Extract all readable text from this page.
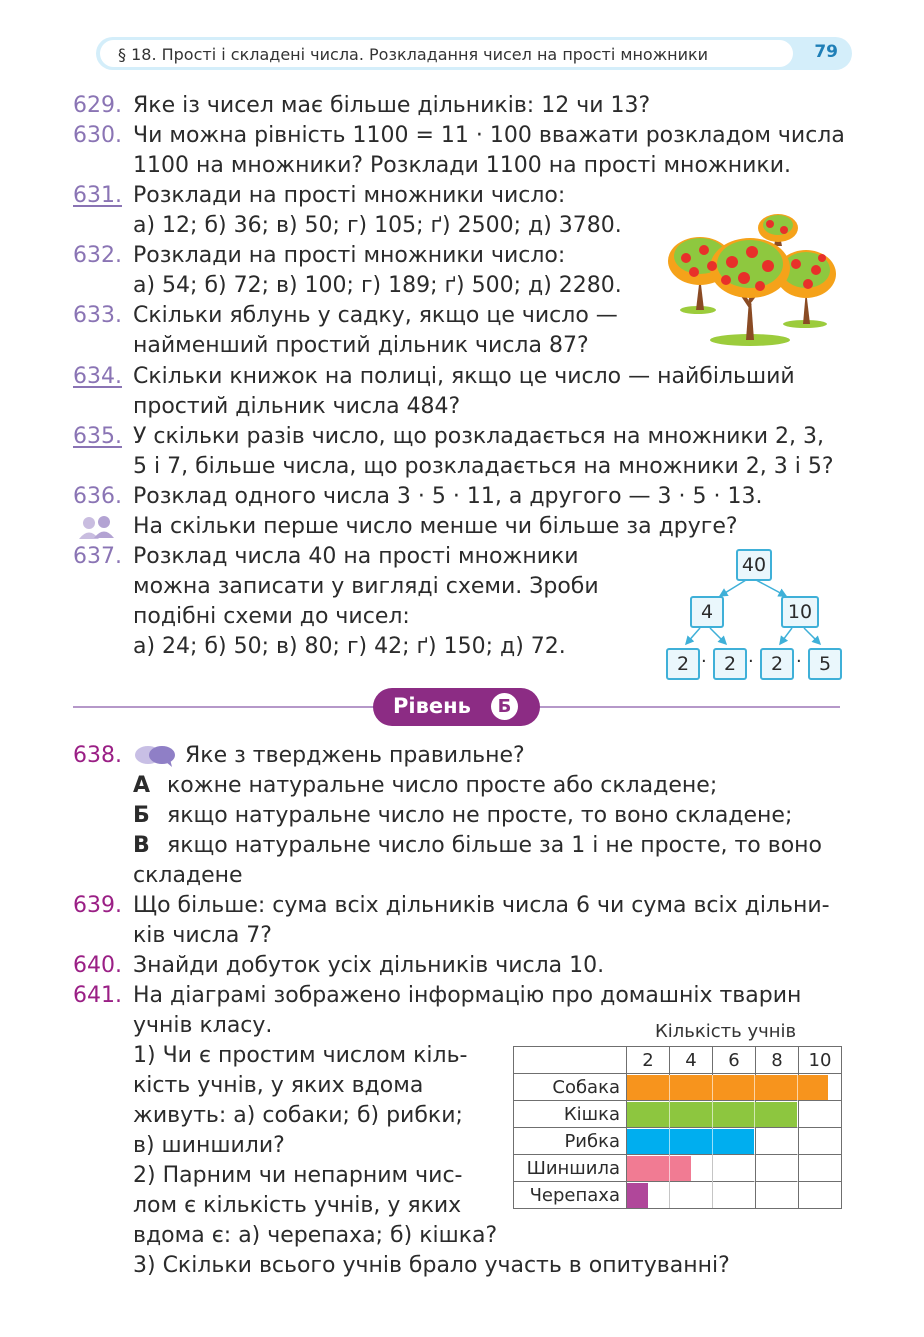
§ 18. Прості і складені числа. Розкладання чисел на прості множники	79
629. Яке із чисел має більше дільників: 12 чи 13?
630. Чи можна рівність 1100 = 11 · 100 вважати розкладом числа
1100 на множники? Розклади 1100 на прості множники.
631. Розклади на прості множники число:
а) 12; б) 36; в) 50; г) 105; ґ) 2500; д) 3780.
632. Розклади на прості множники число:
а) 54; б) 72; в) 100; г) 189; ґ) 500; д) 2280.
633. Скільки яблунь у садку, якщо це число —
найменший простий дільник числа 87?
634. Скільки книжок на полиці, якщо це число — найбільший
простий дільник числа 484?
635. У скільки разів число, що розкладається на множники 2, 3,
5 і 7, більше числа, що розкладається на множники 2, 3 і 5?
636. Розклад одного числа 3 · 5 · 11, а другого — 3 · 5 · 13.
На скільки перше число менше чи більше за друге?
637. Розклад числа 40 на прості множники
можна записати у вигляді схеми. Зроби
подібні схеми до чисел:
а) 24; б) 50; в) 80; г) 42; ґ) 150; д) 72.
40
4	10
2 · 2 · 2 · 5
Рівень	Б
638.	Яке з тверджень правильне?
А кожне натуральне число просте або складене;
Б якщо натуральне число не просте, то воно складене;
В якщо натуральне число більше за 1 і не просте, то воно
складене
639. Що більше: сума всіх дільників числа 6 чи сума всіх дільни-
ків числа 7?
640. Знайди добуток усіх дільників числа 10.
641. На діаграмі зображено інформацію про домашніх тварин
учнів класу.
1) Чи є простим числом кіль-
кість учнів, у яких вдома
живуть: а) собаки; б) рибки;
в) шиншили?
2) Парним чи непарним чис-
лом є кількість учнів, у яких
вдома є: а) черепаха; б) кішка?
3) Скільки всього учнів брало участь в опитуванні?
Кількість учнів
	2	4	6	8	10
Собака					
Кішка					
Рибка					
Шиншила					
Черепаха					
